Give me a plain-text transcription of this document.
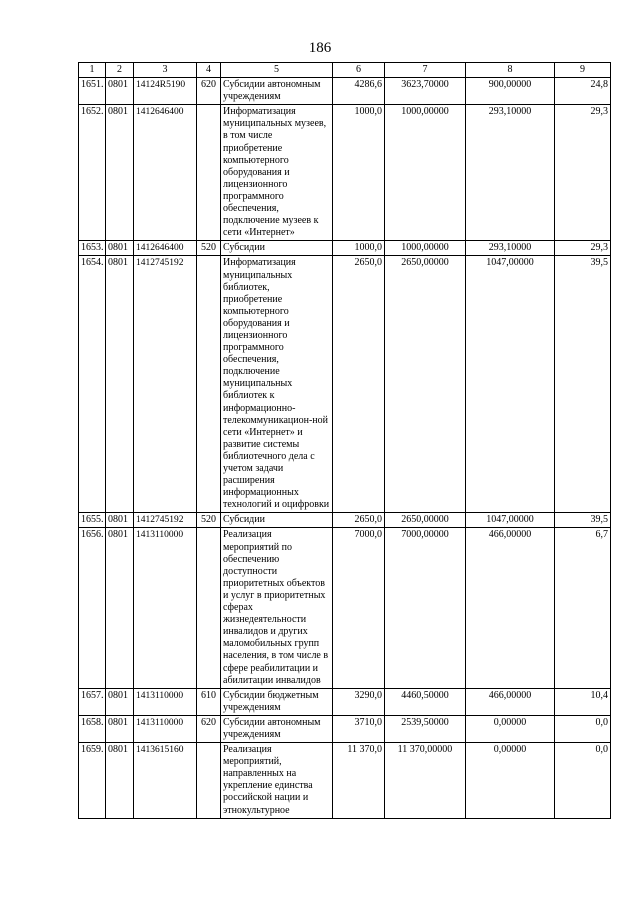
186
1	2	3	4	5	6	7	8	9
1651.	0801	14124R5190	620	Субсидии автономным учреждениям	4286,6	3623,70000	900,00000	24,8
1652.	0801	1412646400		Информатизация муниципальных музеев, в том числе приобретение компьютерного оборудования и лицензионного программного обеспечения, подключение музеев к сети «Интернет»	1000,0	1000,00000	293,10000	29,3
1653.	0801	1412646400	520	Субсидии	1000,0	1000,00000	293,10000	29,3
1654.	0801	1412745192		Информатизация муниципальных библиотек, приобретение компьютерного оборудования и лицензионного программного обеспечения, подключение муниципальных библиотек к информационно-телекоммуникацион-ной сети «Интернет» и развитие системы библиотечного дела с учетом задачи расширения информационных технологий и оцифровки	2650,0	2650,00000	1047,00000	39,5
1655.	0801	1412745192	520	Субсидии	2650,0	2650,00000	1047,00000	39,5
1656.	0801	1413110000		Реализация мероприятий по обеспечению доступности приоритетных объектов и услуг в приоритетных сферах жизнедеятельности инвалидов и других маломобильных групп населения, в том числе в сфере реабилитации и абилитации инвалидов	7000,0	7000,00000	466,00000	6,7
1657.	0801	1413110000	610	Субсидии бюджетным учреждениям	3290,0	4460,50000	466,00000	10,4
1658.	0801	1413110000	620	Субсидии автономным учреждениям	3710,0	2539,50000	0,00000	0,0
1659.	0801	1413615160		Реализация мероприятий, направленных на укрепление единства российской нации и этнокультурное	11 370,0	11 370,00000	0,00000	0,0
